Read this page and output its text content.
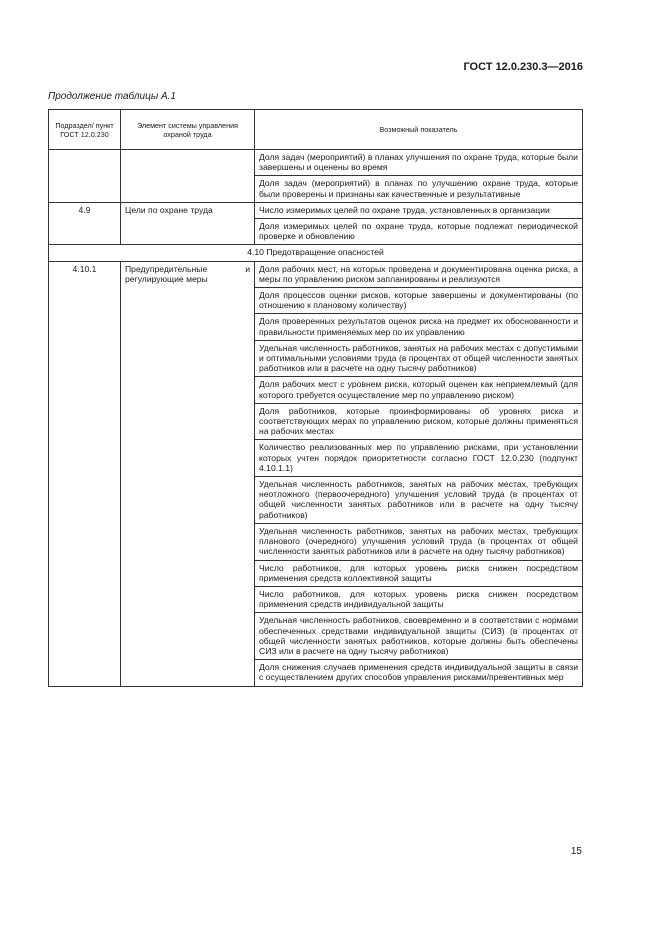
ГОСТ 12.0.230.3—2016
Продолжение таблицы А.1
Подраздел/ пункт ГОСТ 12.0.230	Элемент системы управления охраной труда	Возможный показатель
		Доля задач (мероприятий) в планах улучшения по охране труда, которые были завершены и оценены во время
		Доля задач (мероприятий) в планах по улучшению охране труда, которые были проверены и признаны как качественные и результативные
4.9	Цели по охране труда	Число измеримых целей по охране труда, установленных в организации
		Доля измеримых целей по охране труда, которые подлежат периодической проверке и обновлению
4.10 Предотвращение опасностей		
4.10.1	Предупредительные и регулирующие меры	Доля рабочих мест, на которых проведена и документирована оценка риска, а меры по управлению риском запланированы и реализуются
		Доля процессов оценки рисков, которые завершены и документированы (по отношению к плановому количеству)
		Доля проверенных результатов оценок риска на предмет их обоснованности и правильности применяемых мер по их управлению
		Удельная численность работников, занятых на рабочих местах с допустимыми и оптимальными условиями труда (в процентах от общей численности занятых работников или в расчете на одну тысячу работников)
		Доля рабочих мест с уровнем риска, который оценен как неприемлемый (для которого требуется осуществление мер по управлению риском)
		Доля работников, которые проинформированы об уровнях риска и соответствующих мерах по управлению риском, которые должны применяться на рабочих местах
		Количество реализованных мер по управлению рисками, при установлении которых учтен порядок приоритетности согласно ГОСТ 12.0.230 (подпункт 4.10.1.1)
		Удельная численность работников, занятых на рабочих местах, требующих неотложного (первоочередного) улучшения условий труда (в процентах от общей численности занятых работников или в расчете на одну тысячу работников)
		Удельная численность работников, занятых на рабочих местах, требующих планового (очередного) улучшения условий труда (в процентах от общей численности занятых работников или в расчете на одну тысячу работников)
		Число работников, для которых уровень риска снижен посредством применения средств коллективной защиты
		Число работников, для которых уровень риска снижен посредством применения средств индивидуальной защиты
		Удельная численность работников, своевременно и в соответствии с нормами обеспеченных средствами индивидуальной защиты (СИЗ) (в процентах от общей численности занятых работников, которые должны быть обеспечены СИЗ или в расчете на одну тысячу работников)
		Доля снижения случаев применения средств индивидуальной защиты в связи с осуществлением других способов управления рисками/превентивных мер
15
